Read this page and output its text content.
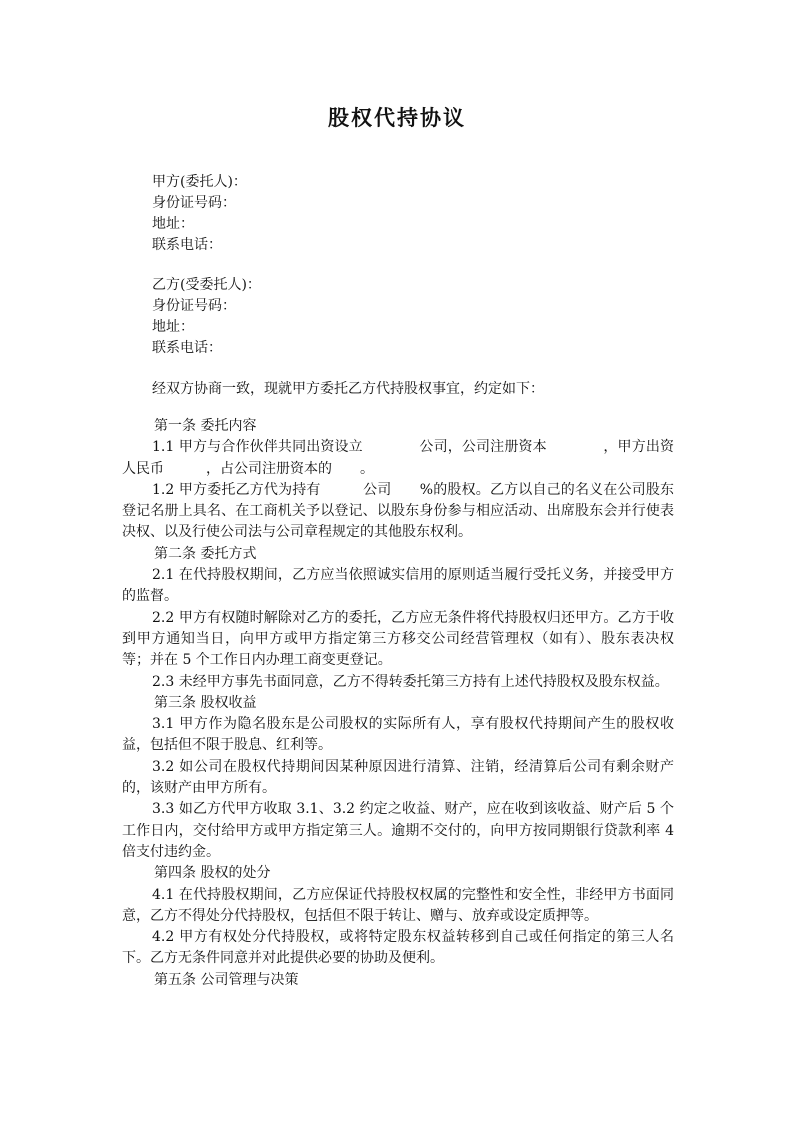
股权代持协议
甲方(委托人)：
身份证号码：
地址：
联系电话：
乙方(受委托人)：
身份证号码：
地址：
联系电话：
经双方协商一致，现就甲方委托乙方代持股权事宜，约定如下：
第一条 委托内容

1.1 甲方与合作伙伴共同出资设立　　　　公司，公司注册资本　　　　，甲方出资人民币　　　，占公司注册资本的　　。

1.2 甲方委托乙方代为持有　　　公司　　%的股权。乙方以自己的名义在公司股东登记名册上具名、在工商机关予以登记、以股东身份参与相应活动、出席股东会并行使表决权、以及行使公司法与公司章程规定的其他股东权利。

第二条 委托方式

2.1 在代持股权期间，乙方应当依照诚实信用的原则适当履行受托义务，并接受甲方的监督。

2.2 甲方有权随时解除对乙方的委托，乙方应无条件将代持股权归还甲方。乙方于收到甲方通知当日，向甲方或甲方指定第三方移交公司经营管理权（如有）、股东表决权等；并在 5 个工作日内办理工商变更登记。

2.3 未经甲方事先书面同意，乙方不得转委托第三方持有上述代持股权及股东权益。

第三条 股权收益

3.1 甲方作为隐名股东是公司股权的实际所有人，享有股权代持期间产生的股权收益，包括但不限于股息、红利等。

3.2 如公司在股权代持期间因某种原因进行清算、注销，经清算后公司有剩余财产的，该财产由甲方所有。

3.3 如乙方代甲方收取 3.1、3.2 约定之收益、财产，应在收到该收益、财产后 5 个工作日内，交付给甲方或甲方指定第三人。逾期不交付的，向甲方按同期银行贷款利率 4 倍支付违约金。

第四条 股权的处分

4.1 在代持股权期间，乙方应保证代持股权权属的完整性和安全性，非经甲方书面同意，乙方不得处分代持股权，包括但不限于转让、赠与、放弃或设定质押等。

4.2 甲方有权处分代持股权，或将特定股东权益转移到自己或任何指定的第三人名下。乙方无条件同意并对此提供必要的协助及便利。

第五条 公司管理与决策
